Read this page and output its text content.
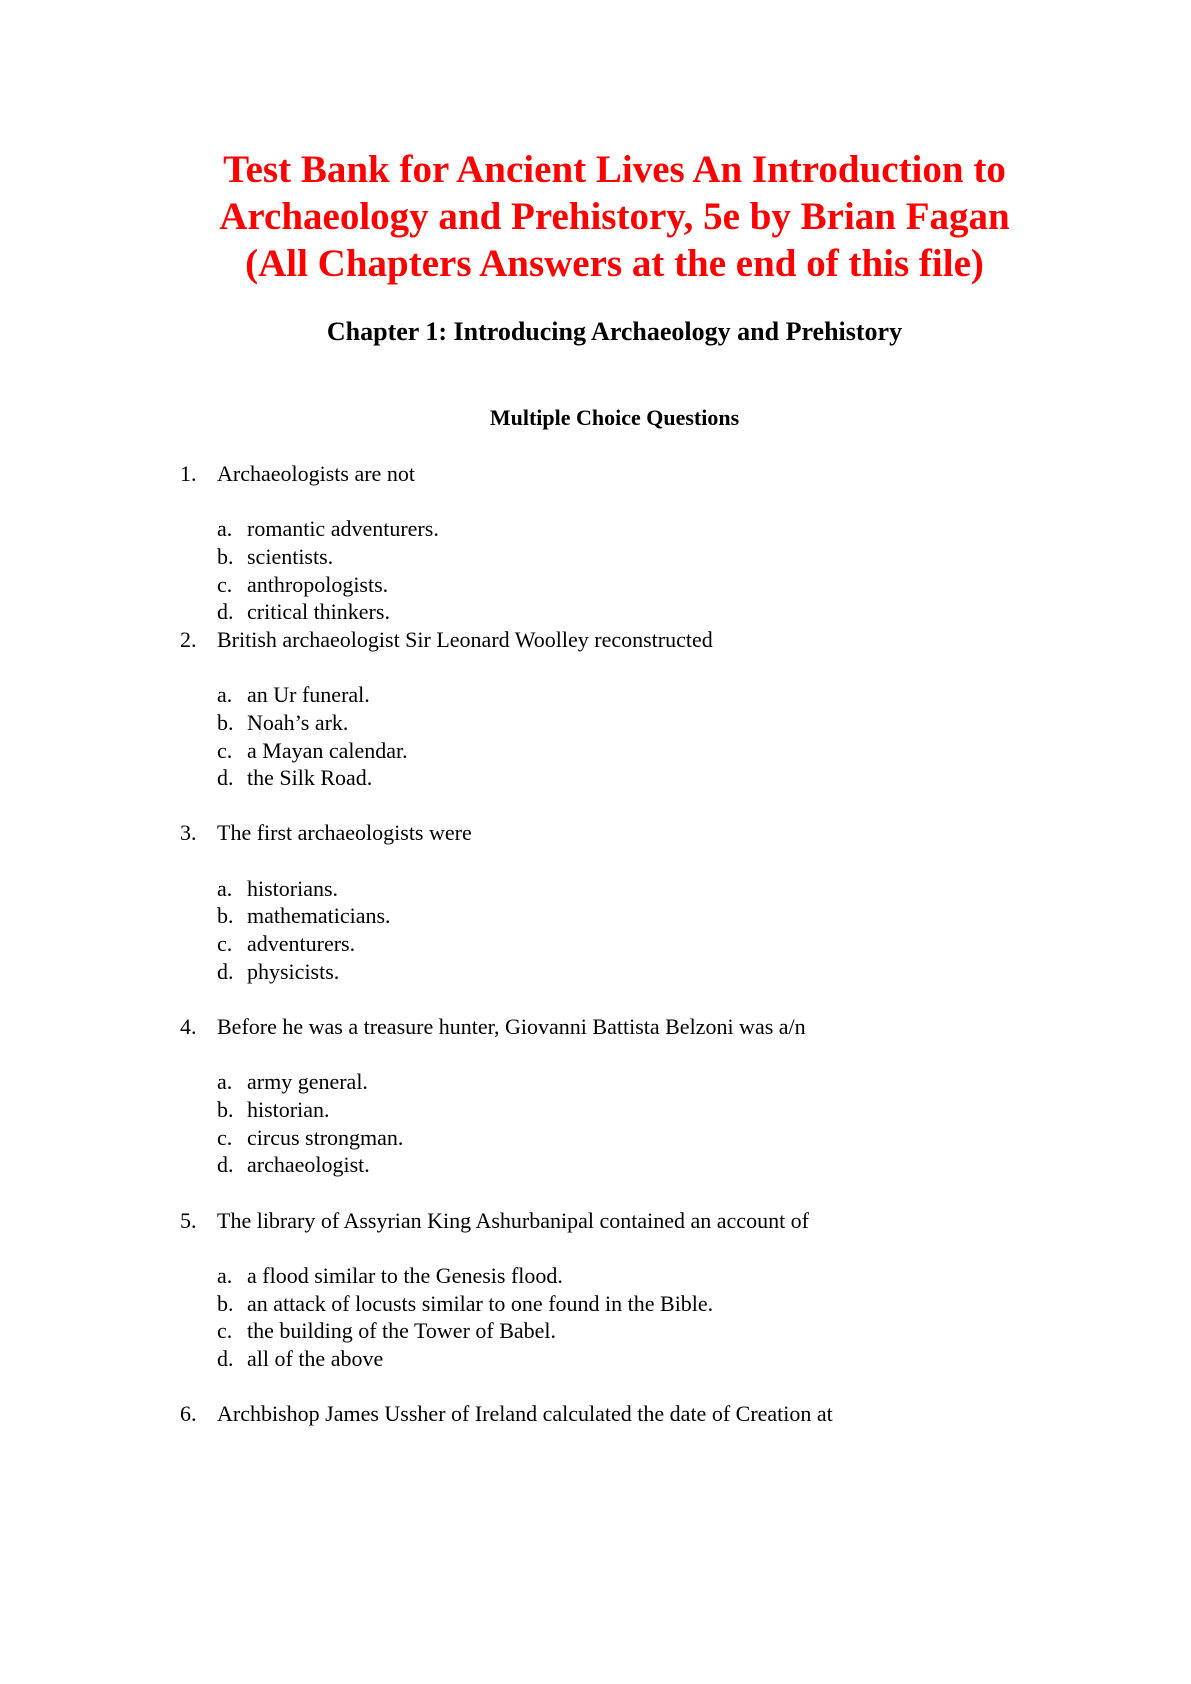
Test Bank for Ancient Lives An Introduction to
Archaeology and Prehistory, 5e by Brian Fagan
(All Chapters Answers at the end of this file)
Chapter 1: Introducing Archaeology and Prehistory
Multiple Choice Questions
1. Archaeologists are not
a. romantic adventurers.
b. scientists.
c. anthropologists.
d. critical thinkers.
2. British archaeologist Sir Leonard Woolley reconstructed
a. an Ur funeral.
b. Noah’s ark.
c. a Mayan calendar.
d. the Silk Road.
3. The first archaeologists were
a. historians.
b. mathematicians.
c. adventurers.
d. physicists.
4. Before he was a treasure hunter, Giovanni Battista Belzoni was a/n
a. army general.
b. historian.
c. circus strongman.
d. archaeologist.
5. The library of Assyrian King Ashurbanipal contained an account of
a. a flood similar to the Genesis flood.
b. an attack of locusts similar to one found in the Bible.
c. the building of the Tower of Babel.
d. all of the above
6. Archbishop James Ussher of Ireland calculated the date of Creation at
